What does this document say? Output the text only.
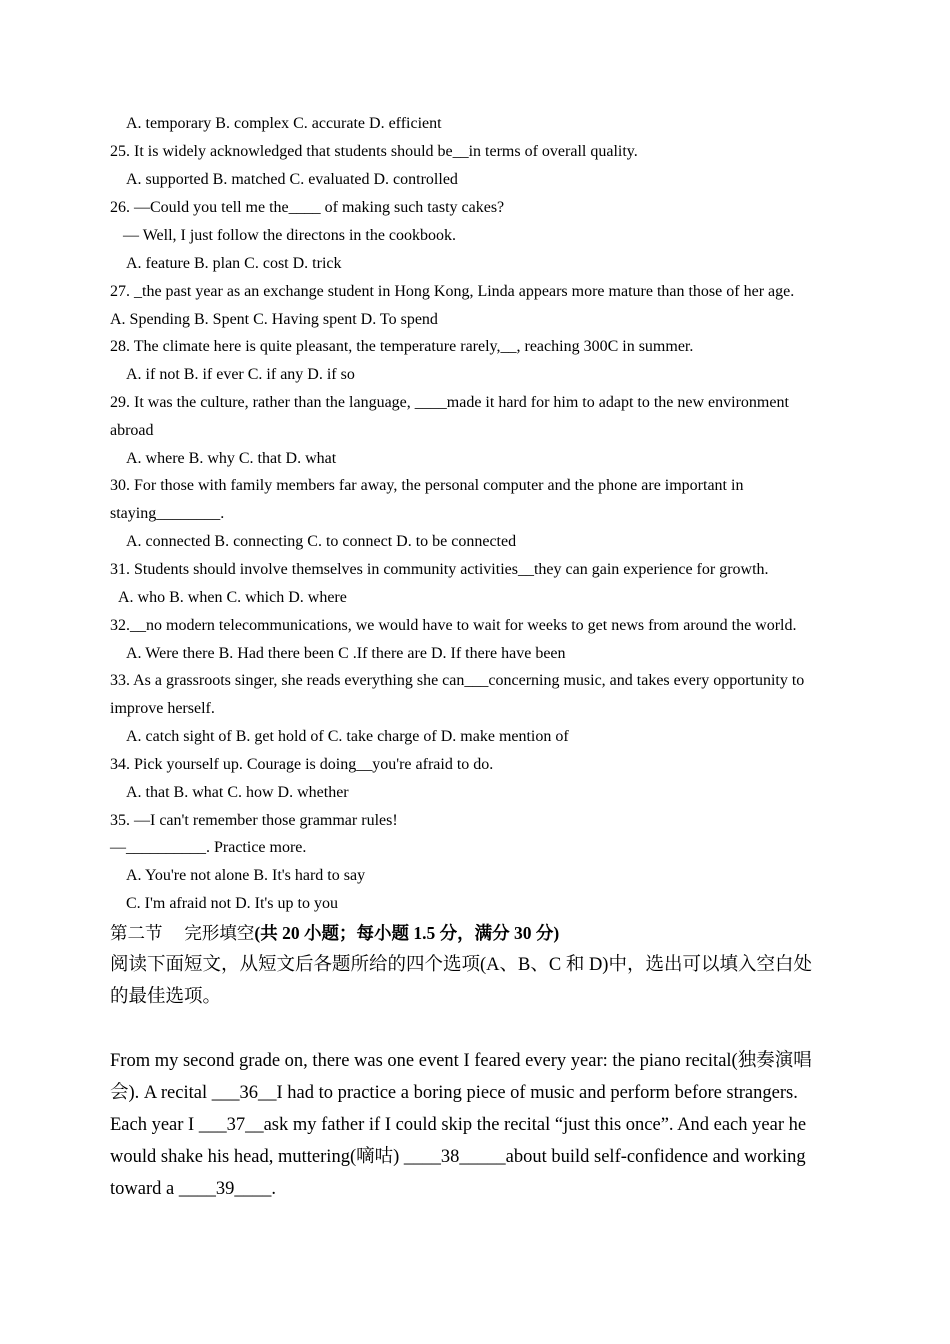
A. temporary B. complex C. accurate D. efficient
25. It is widely acknowledged that students should be__in terms of overall quality.
A. supported B. matched C. evaluated D. controlled
26. —Could you tell me the____ of making such tasty cakes?
— Well, I just follow the directons in the cookbook.
A. feature B. plan C. cost D. trick
27. _the past year as an exchange student in Hong Kong, Linda appears more mature than those of her age.
A. Spending B. Spent C. Having spent D. To spend
28. The climate here is quite pleasant, the temperature rarely,__, reaching 300C in summer.
A. if not B. if ever C. if any D. if so
29. It was the culture, rather than the language, ____made it hard for him to adapt to the new environment
abroad
A. where B. why C. that D. what
30. For those with family members far away, the personal computer and the phone are important in
staying________.
A. connected B. connecting C. to connect D. to be connected
31. Students should involve themselves in community activities__they can gain experience for growth.
A. who B. when C. which D. where
32.__no modern telecommunications, we would have to wait for weeks to get news from around the world.
A. Were there B. Had there been C .If there are D. If there have been
33. As a grassroots singer, she reads everything she can___concerning music, and takes every opportunity to
improve herself.
A. catch sight of B. get hold of C. take charge of D. make mention of
34. Pick yourself up. Courage is doing__you're afraid to do.
A. that B. what C. how D. whether
35. —I can't remember those grammar rules!
—__________. Practice more.
A. You're not alone B. It's hard to say
C. I'm afraid not D. It's up to you
第二节     完形填空(共 20 小题；每小题 1.5 分，满分 30 分)
阅读下面短文，从短文后各题所给的四个选项(A、B、C 和 D)中，选出可以填入空白处
的最佳选项。
From my second grade on, there was one event I feared every year: the piano recital(独奏演唱
会). A recital ___36__I had to practice a boring piece of music and perform before strangers.
Each year I ___37__ask my father if I could skip the recital “just this once”. And each year he
would shake his head, muttering(嘀咕) ____38_____about build self-confidence and working
toward a ____39____.
